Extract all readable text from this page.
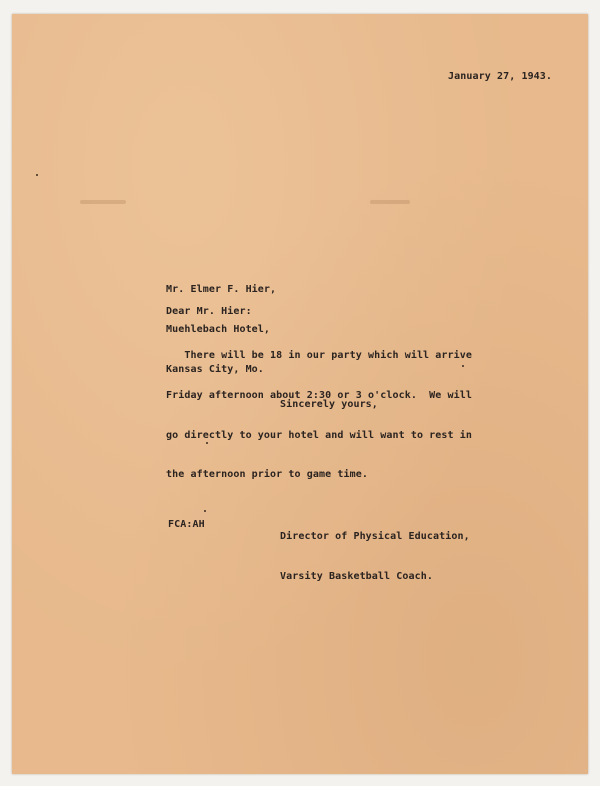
January 27, 1943.

Mr. Elmer F. Hier,

Muehlebach Hotel,

Kansas City, Mo.

Dear Mr. Hier:

There will be 18 in our party which will arrive

Friday afternoon about 2:30 or 3 o'clock.  We will

go directly to your hotel and will want to rest in

the afternoon prior to game time.

Sincerely yours,

Director of Physical Education,

Varsity Basketball Coach.

FCA:AH
